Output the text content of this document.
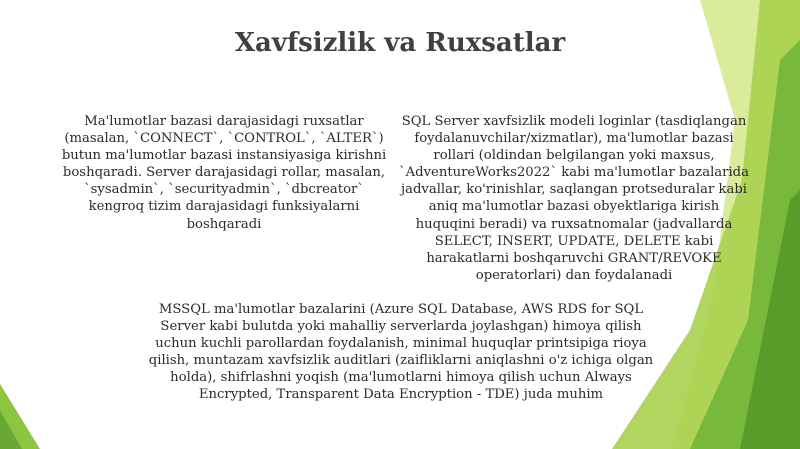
Xavfsizlik va Ruxsatlar
Ma'lumotlar bazasi darajasidagi ruxsatlar (masalan, `CONNECT`, `CONTROL`, `ALTER`) butun ma'lumotlar bazasi instansiyasiga kirishni boshqaradi. Server darajasidagi rollar, masalan, `sysadmin`, `securityadmin`, `dbcreator` kengroq tizim darajasidagi funksiyalarni boshqaradi
SQL Server xavfsizlik modeli loginlar (tasdiqlangan foydalanuvchilar/xizmatlar), ma'lumotlar bazasi rollari (oldindan belgilangan yoki maxsus, `AdventureWorks2022` kabi ma'lumotlar bazalarida jadvallar, ko'rinishlar, saqlangan protseduralar kabi aniq ma'lumotlar bazasi obyektlariga kirish huquqini beradi) va ruxsatnomalar (jadvallarda SELECT, INSERT, UPDATE, DELETE kabi harakatlarni boshqaruvchi GRANT/REVOKE operatorlari) dan foydalanadi
MSSQL ma'lumotlar bazalarini (Azure SQL Database, AWS RDS for SQL Server kabi bulutda yoki mahalliy serverlarda joylashgan) himoya qilish uchun kuchli parollardan foydalanish, minimal huquqlar printsipiga rioya qilish, muntazam xavfsizlik auditlari (zaifliklarni aniqlashni o'z ichiga olgan holda), shifrlashni yoqish (ma'lumotlarni himoya qilish uchun Always Encrypted, Transparent Data Encryption - TDE) juda muhim
